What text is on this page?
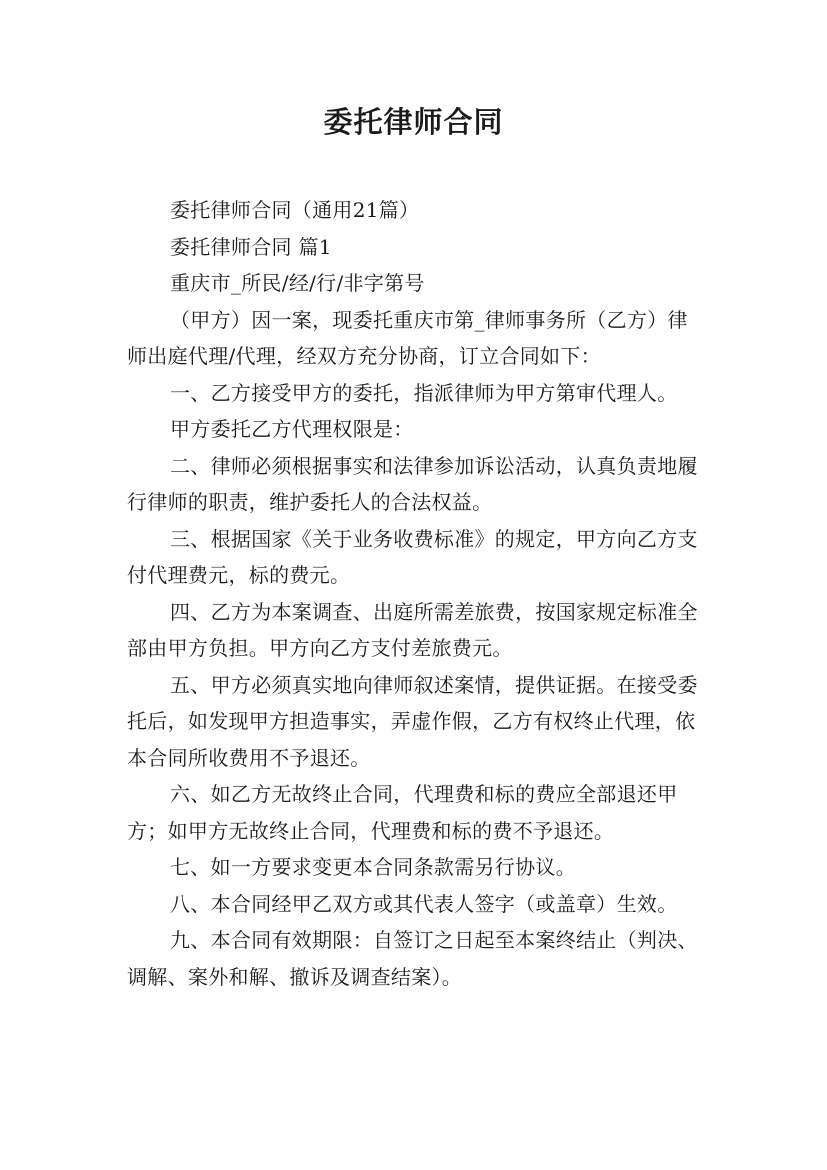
委托律师合同

委托律师合同（通用21篇）

委托律师合同 篇1

重庆市_所民/经/行/非字第号

（甲方）因一案，现委托重庆市第_律师事务所（乙方）律师出庭代理/代理，经双方充分协商，订立合同如下：

一、乙方接受甲方的委托，指派律师为甲方第审代理人。

甲方委托乙方代理权限是：

二、律师必须根据事实和法律参加诉讼活动，认真负责地履行律师的职责，维护委托人的合法权益。

三、根据国家《关于业务收费标准》的规定，甲方向乙方支付代理费元，标的费元。

四、乙方为本案调查、出庭所需差旅费，按国家规定标准全部由甲方负担。甲方向乙方支付差旅费元。

五、甲方必须真实地向律师叙述案情，提供证据。在接受委托后，如发现甲方担造事实，弄虚作假，乙方有权终止代理，依本合同所收费用不予退还。

六、如乙方无故终止合同，代理费和标的费应全部退还甲方；如甲方无故终止合同，代理费和标的费不予退还。

七、如一方要求变更本合同条款需另行协议。

八、本合同经甲乙双方或其代表人签字（或盖章）生效。

九、本合同有效期限：自签订之日起至本案终结止（判决、调解、案外和解、撤诉及调查结案）。
